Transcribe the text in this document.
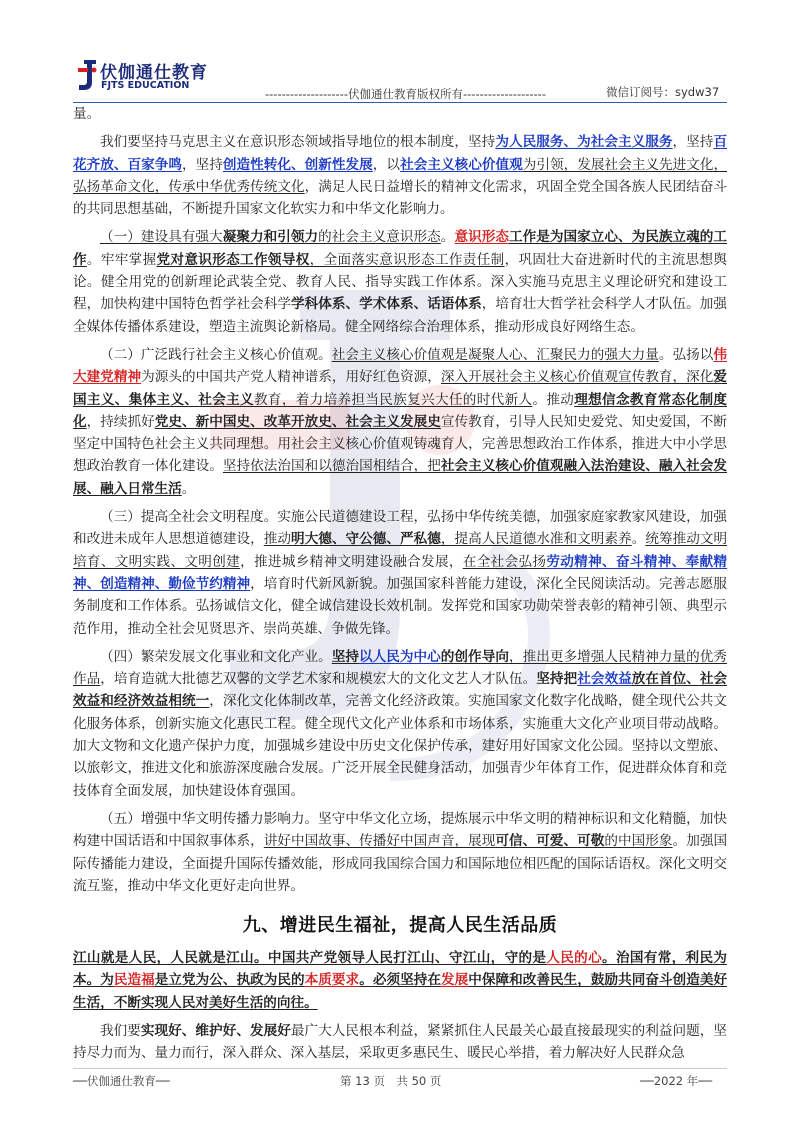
伏伽通仕教育
FJTS EDUCATION
--------------------伏伽通仕教育版权所有--------------------	微信订阅号：sydw37

量。

我们要坚持马克思主义在意识形态领域指导地位的根本制度，坚持为人民服务、为社会主义服务，坚持百花齐放、百家争鸣，坚持创造性转化、创新性发展，以社会主义核心价值观为引领，发展社会主义先进文化，弘扬革命文化，传承中华优秀传统文化，满足人民日益增长的精神文化需求，巩固全党全国各族人民团结奋斗的共同思想基础，不断提升国家文化软实力和中华文化影响力。

（一）建设具有强大凝聚力和引领力的社会主义意识形态。意识形态工作是为国家立心、为民族立魂的工作。牢牢掌握党对意识形态工作领导权，全面落实意识形态工作责任制，巩固壮大奋进新时代的主流思想舆论。健全用党的创新理论武装全党、教育人民、指导实践工作体系。深入实施马克思主义理论研究和建设工程，加快构建中国特色哲学社会科学学科体系、学术体系、话语体系，培育壮大哲学社会科学人才队伍。加强全媒体传播体系建设，塑造主流舆论新格局。健全网络综合治理体系，推动形成良好网络生态。

（二）广泛践行社会主义核心价值观。社会主义核心价值观是凝聚人心、汇聚民力的强大力量。弘扬以伟大建党精神为源头的中国共产党人精神谱系，用好红色资源，深入开展社会主义核心价值观宣传教育，深化爱国主义、集体主义、社会主义教育，着力培养担当民族复兴大任的时代新人。推动理想信念教育常态化制度化，持续抓好党史、新中国史、改革开放史、社会主义发展史宣传教育，引导人民知史爱党、知史爱国，不断坚定中国特色社会主义共同理想。用社会主义核心价值观铸魂育人，完善思想政治工作体系，推进大中小学思想政治教育一体化建设。坚持依法治国和以德治国相结合，把社会主义核心价值观融入法治建设、融入社会发展、融入日常生活。

（三）提高全社会文明程度。实施公民道德建设工程，弘扬中华传统美德，加强家庭家教家风建设，加强和改进未成年人思想道德建设，推动明大德、守公德、严私德，提高人民道德水准和文明素养。统筹推动文明培育、文明实践、文明创建，推进城乡精神文明建设融合发展，在全社会弘扬劳动精神、奋斗精神、奉献精神、创造精神、勤俭节约精神，培育时代新风新貌。加强国家科普能力建设，深化全民阅读活动。完善志愿服务制度和工作体系。弘扬诚信文化，健全诚信建设长效机制。发挥党和国家功勋荣誉表彰的精神引领、典型示范作用，推动全社会见贤思齐、崇尚英雄、争做先锋。

（四）繁荣发展文化事业和文化产业。坚持以人民为中心的创作导向，推出更多增强人民精神力量的优秀作品，培育造就大批德艺双馨的文学艺术家和规模宏大的文化文艺人才队伍。坚持把社会效益放在首位、社会效益和经济效益相统一，深化文化体制改革，完善文化经济政策。实施国家文化数字化战略，健全现代公共文化服务体系，创新实施文化惠民工程。健全现代文化产业体系和市场体系，实施重大文化产业项目带动战略。加大文物和文化遗产保护力度，加强城乡建设中历史文化保护传承，建好用好国家文化公园。坚持以文塑旅、以旅彰文，推进文化和旅游深度融合发展。广泛开展全民健身活动，加强青少年体育工作，促进群众体育和竞技体育全面发展，加快建设体育强国。

（五）增强中华文明传播力影响力。坚守中华文化立场，提炼展示中华文明的精神标识和文化精髓，加快构建中国话语和中国叙事体系，讲好中国故事、传播好中国声音，展现可信、可爱、可敬的中国形象。加强国际传播能力建设，全面提升国际传播效能，形成同我国综合国力和国际地位相匹配的国际话语权。深化文明交流互鉴，推动中华文化更好走向世界。

九、增进民生福祉，提高人民生活品质

江山就是人民，人民就是江山。中国共产党领导人民打江山、守江山，守的是人民的心。治国有常，利民为本。为民造福是立党为公、执政为民的本质要求。必须坚持在发展中保障和改善民生，鼓励共同奋斗创造美好生活，不断实现人民对美好生活的向往。

我们要实现好、维护好、发展好最广大人民根本利益，紧紧抓住人民最关心最直接最现实的利益问题，坚持尽力而为、量力而行，深入群众、深入基层，采取更多惠民生、暖民心举措，着力解决好人民群众急

──伏伽通仕教育──	第 13 页　共 50 页	──2022 年──
